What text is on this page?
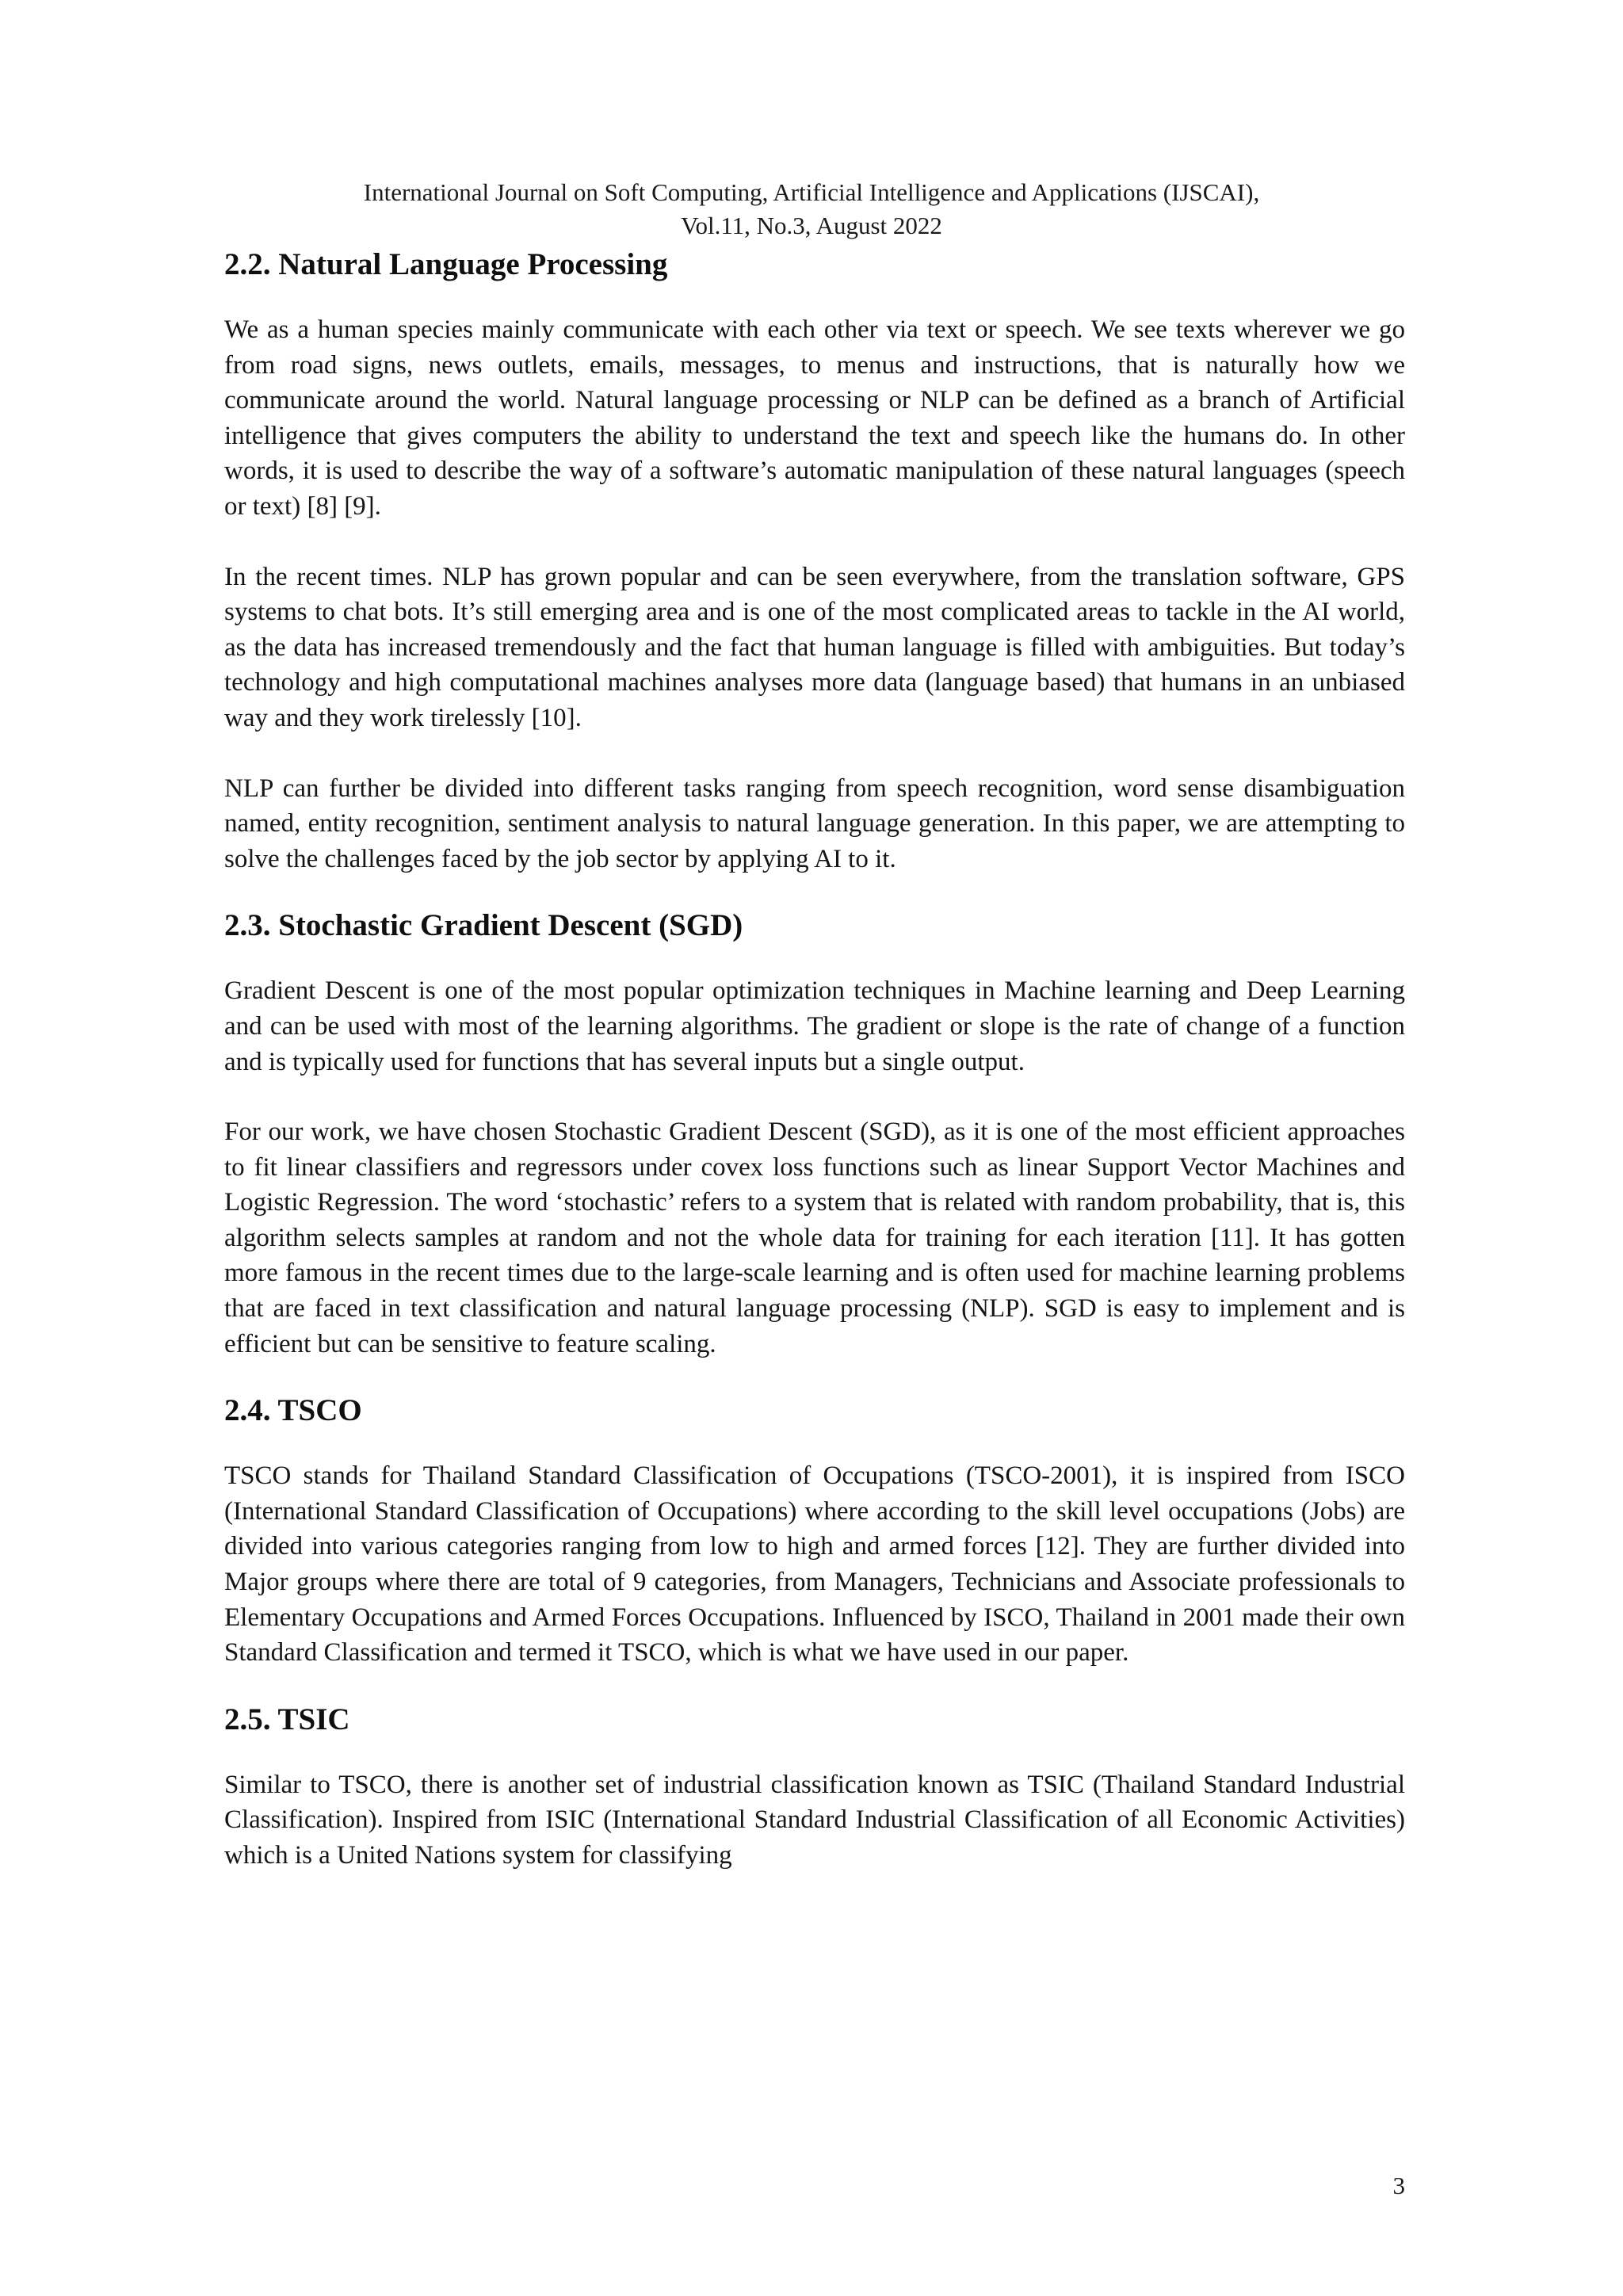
International Journal on Soft Computing, Artificial Intelligence and Applications (IJSCAI),
Vol.11, No.3, August 2022
2.2. Natural Language Processing

We as a human species mainly communicate with each other via text or speech. We see texts wherever we go from road signs, news outlets, emails, messages, to menus and instructions, that is naturally how we communicate around the world. Natural language processing or NLP can be defined as a branch of Artificial intelligence that gives computers the ability to understand the text and speech like the humans do. In other words, it is used to describe the way of a software’s automatic manipulation of these natural languages (speech or text) [8] [9].

In the recent times. NLP has grown popular and can be seen everywhere, from the translation software, GPS systems to chat bots. It’s still emerging area and is one of the most complicated areas to tackle in the AI world, as the data has increased tremendously and the fact that human language is filled with ambiguities. But today’s technology and high computational machines analyses more data (language based) that humans in an unbiased way and they work tirelessly [10].

NLP can further be divided into different tasks ranging from speech recognition, word sense disambiguation named, entity recognition, sentiment analysis to natural language generation. In this paper, we are attempting to solve the challenges faced by the job sector by applying AI to it.

2.3. Stochastic Gradient Descent (SGD)

Gradient Descent is one of the most popular optimization techniques in Machine learning and Deep Learning and can be used with most of the learning algorithms. The gradient or slope is the rate of change of a function and is typically used for functions that has several inputs but a single output.

For our work, we have chosen Stochastic Gradient Descent (SGD), as it is one of the most efficient approaches to fit linear classifiers and regressors under covex loss functions such as linear Support Vector Machines and Logistic Regression. The word ‘stochastic’ refers to a system that is related with random probability, that is, this algorithm selects samples at random and not the whole data for training for each iteration [11]. It has gotten more famous in the recent times due to the large-scale learning and is often used for machine learning problems that are faced in text classification and natural language processing (NLP). SGD is easy to implement and is efficient but can be sensitive to feature scaling.

2.4. TSCO

TSCO stands for Thailand Standard Classification of Occupations (TSCO-2001), it is inspired from ISCO (International Standard Classification of Occupations) where according to the skill level occupations (Jobs) are divided into various categories ranging from low to high and armed forces [12]. They are further divided into Major groups where there are total of 9 categories, from Managers, Technicians and Associate professionals to Elementary Occupations and Armed Forces Occupations. Influenced by ISCO, Thailand in 2001 made their own Standard Classification and termed it TSCO, which is what we have used in our paper.

2.5. TSIC

Similar to TSCO, there is another set of industrial classification known as TSIC (Thailand Standard Industrial Classification). Inspired from ISIC (International Standard Industrial Classification of all Economic Activities) which is a United Nations system for classifying

3
